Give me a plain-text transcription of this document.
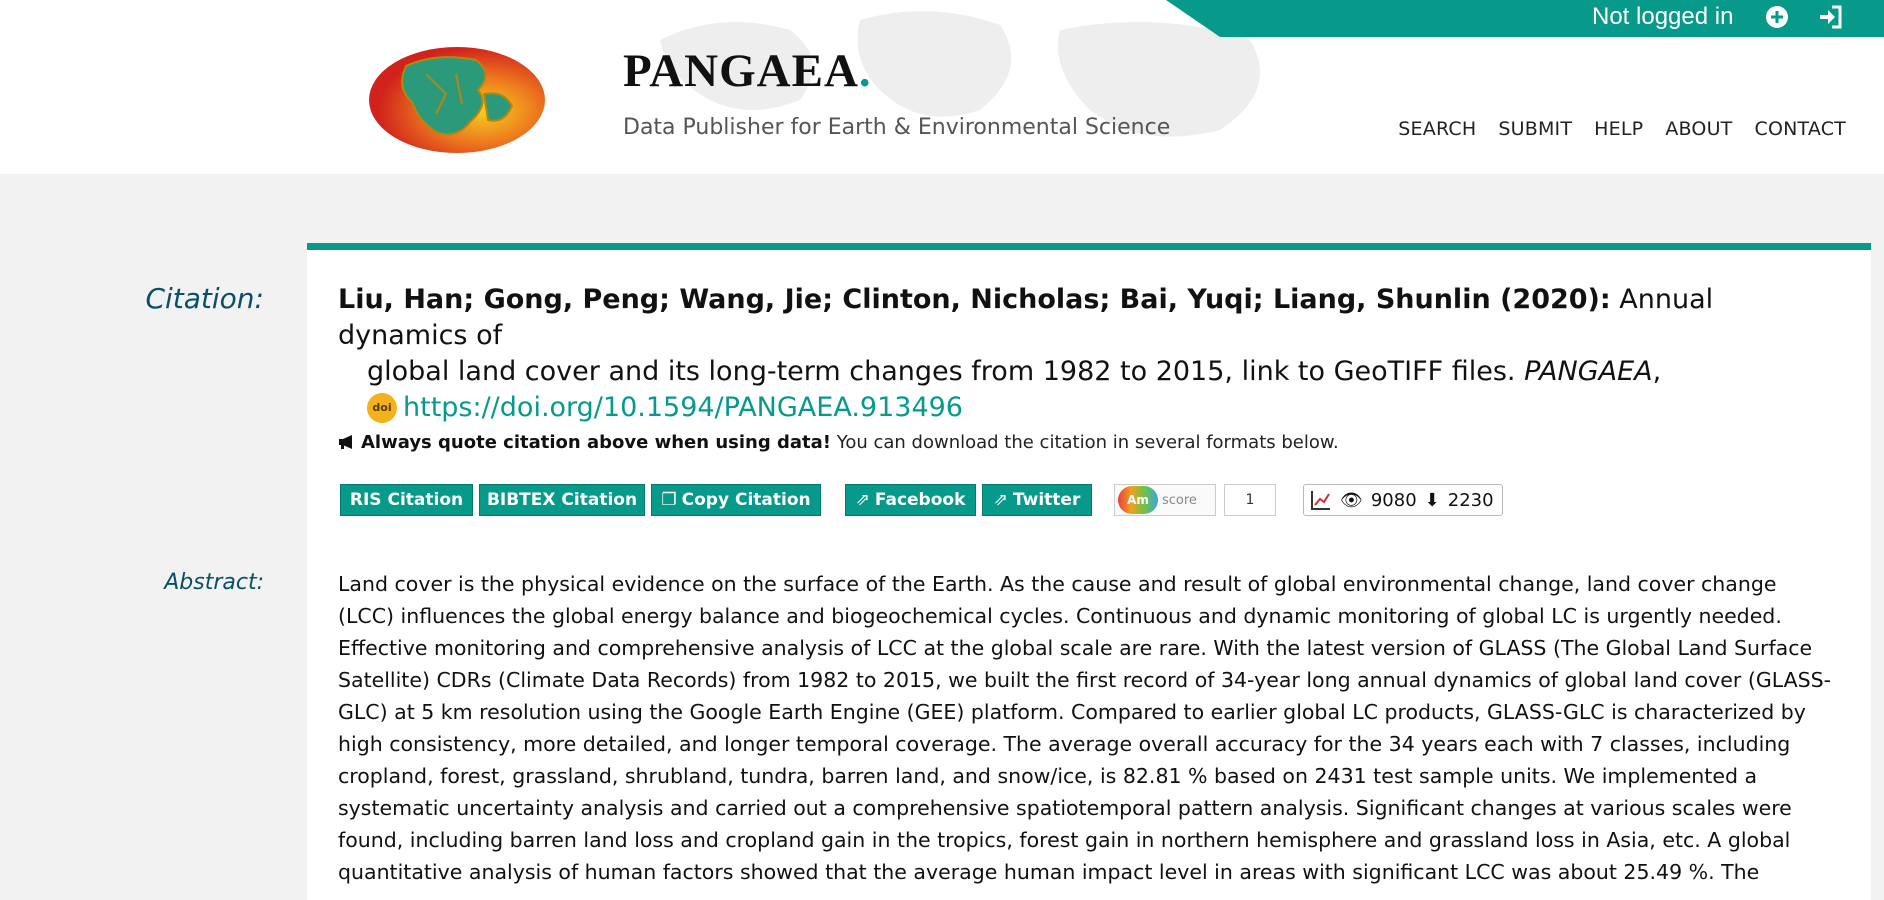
Not logged in
PANGAEA.
Data Publisher for Earth & Environmental Science	SEARCH SUBMIT HELP ABOUT CONTACT
Citation:	Liu, Han; Gong, Peng; Wang, Jie; Clinton, Nicholas; Bai, Yuqi; Liang, Shunlin (2020): Annual dynamics of
global land cover and its long-term changes from 1982 to 2015, link to GeoTIFF files. PANGAEA,
doi https://doi.org/10.1594/PANGAEA.913496
Always quote citation above when using data! You can download the citation in several formats below.
RIS Citation BIBTEX Citation ❐ Copy Citation	⇗ Facebook ⇗ Twitter	Am	score	1	👁 9080 ⬇ 2230
Abstract:	Land cover is the physical evidence on the surface of the Earth. As the cause and result of global environmental change, land cover change (LCC) influences the global energy balance and biogeochemical cycles. Continuous and dynamic monitoring of global LC is urgently needed. Effective monitoring and comprehensive analysis of LCC at the global scale are rare. With the latest version of GLASS (The Global Land Surface Satellite) CDRs (Climate Data Records) from 1982 to 2015, we built the first record of 34-year long annual dynamics of global land cover (GLASS-GLC) at 5 km resolution using the Google Earth Engine (GEE) platform. Compared to earlier global LC products, GLASS-GLC is characterized by high consistency, more detailed, and longer temporal coverage. The average overall accuracy for the 34 years each with 7 classes, including cropland, forest, grassland, shrubland, tundra, barren land, and snow/ice, is 82.81 % based on 2431 test sample units. We implemented a systematic uncertainty analysis and carried out a comprehensive spatiotemporal pattern analysis. Significant changes at various scales were found, including barren land loss and cropland gain in the tropics, forest gain in northern hemisphere and grassland loss in Asia, etc. A global quantitative analysis of human factors showed that the average human impact level in areas with significant LCC was about 25.49 %. The
